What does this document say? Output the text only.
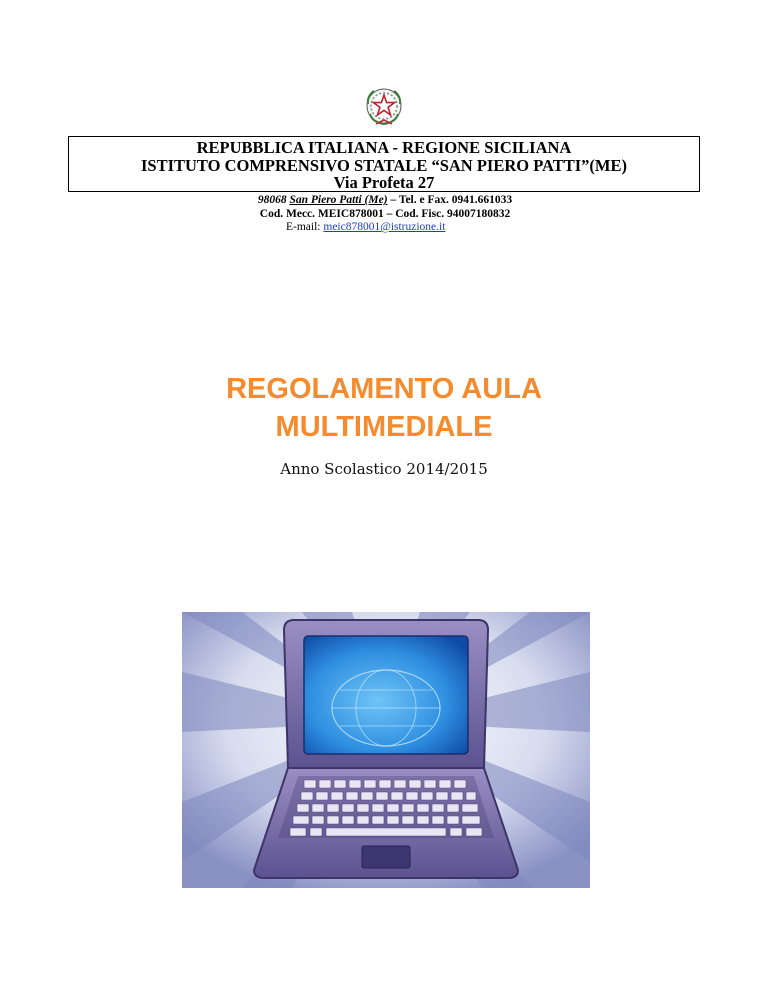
REPUBBLICA ITALIANA - REGIONE SICILIANA
ISTITUTO COMPRENSIVO STATALE “SAN PIERO PATTI”(ME)
Via Profeta 27
98068 San Piero Patti (Me) – Tel. e Fax. 0941.661033
Cod. Mecc. MEIC878001 – Cod. Fisc. 94007180832
E-mail: meic878001@istruzione.it
REGOLAMENTO AULA
MULTIMEDIALE
Anno Scolastico 2014/2015
